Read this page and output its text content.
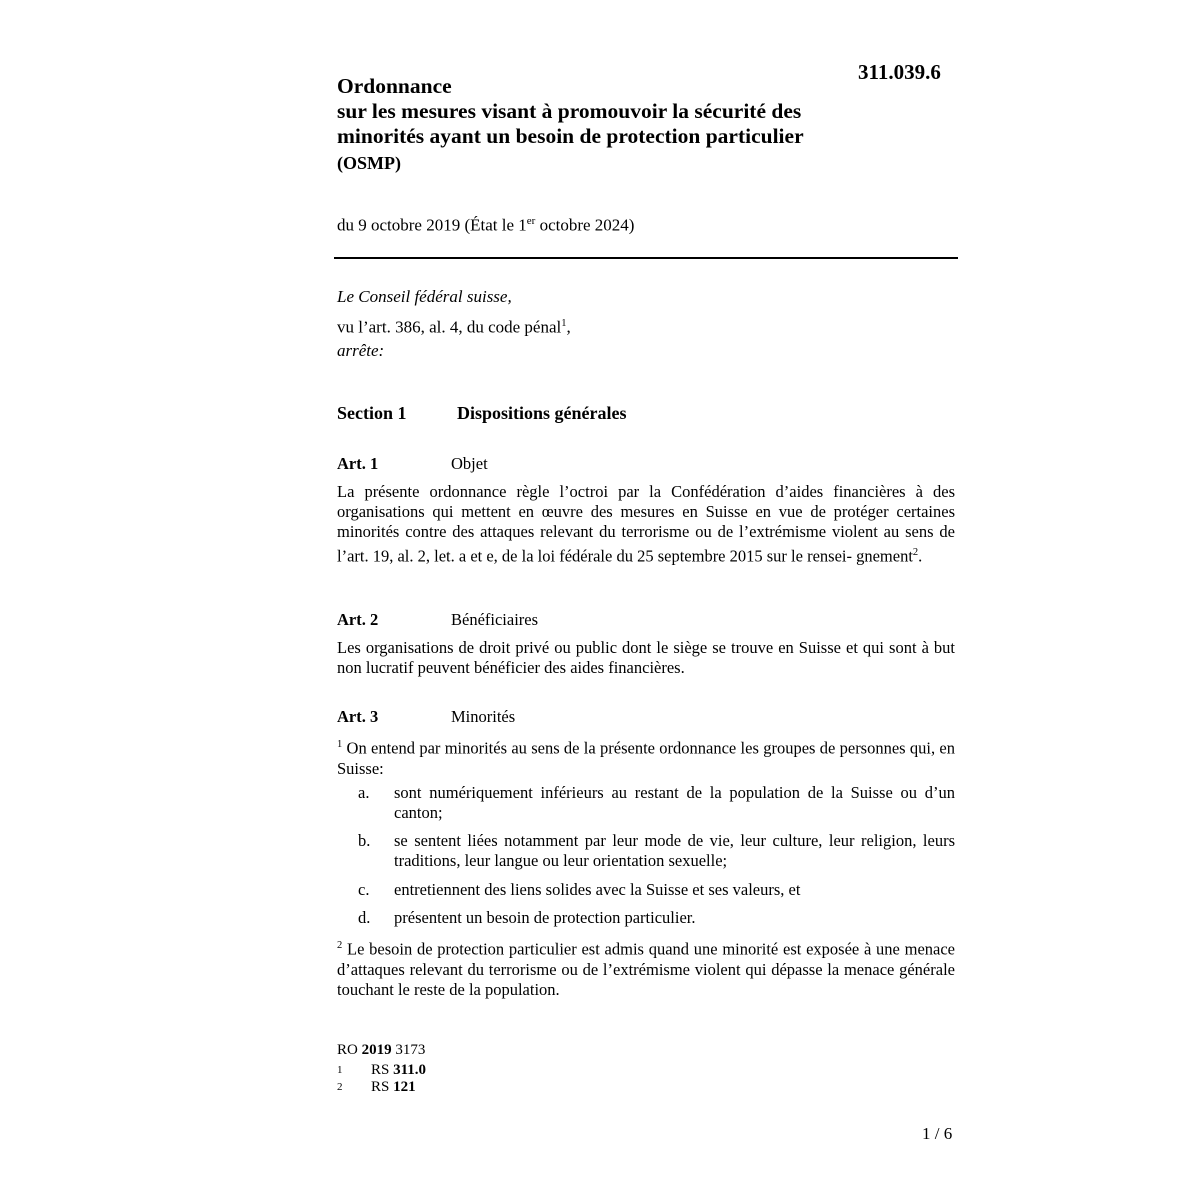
311.039.6
Ordonnance
sur les mesures visant à promouvoir la sécurité des
minorités ayant un besoin de protection particulier
(OSMP)
du 9 octobre 2019 (État le 1er octobre 2024)
Le Conseil fédéral suisse,
vu l’art. 386, al. 4, du code pénal$^1$,
arrête:
Section 1	Dispositions générales
Art. 1	Objet
La présente ordonnance règle l’octroi par la Confédération d’aides financières à des organisations qui mettent en œuvre des mesures en Suisse en vue de protéger certaines minorités contre des attaques relevant du terrorisme ou de l’extrémisme violent au sens de l’art. 19, al. 2, let. a et e, de la loi fédérale du 25 septembre 2015 sur le rensei- gnement$^2$.
Art. 2	Bénéficiaires
Les organisations de droit privé ou public dont le siège se trouve en Suisse et qui sont à but non lucratif peuvent bénéficier des aides financières.
Art. 3	Minorités
$^1$ On entend par minorités au sens de la présente ordonnance les groupes de personnes qui, en Suisse:
a. sont numériquement inférieurs au restant de la population de la Suisse ou d’un canton;
b. se sentent liées notamment par leur mode de vie, leur culture, leur religion, leurs traditions, leur langue ou leur orientation sexuelle;
c. entretiennent des liens solides avec la Suisse et ses valeurs, et
d. présentent un besoin de protection particulier.
$^2$ Le besoin de protection particulier est admis quand une minorité est exposée à une menace d’attaques relevant du terrorisme ou de l’extrémisme violent qui dépasse la menace générale touchant le reste de la population.
RO 2019 3173
1 RS 311.0
2 RS 121
1 / 6
